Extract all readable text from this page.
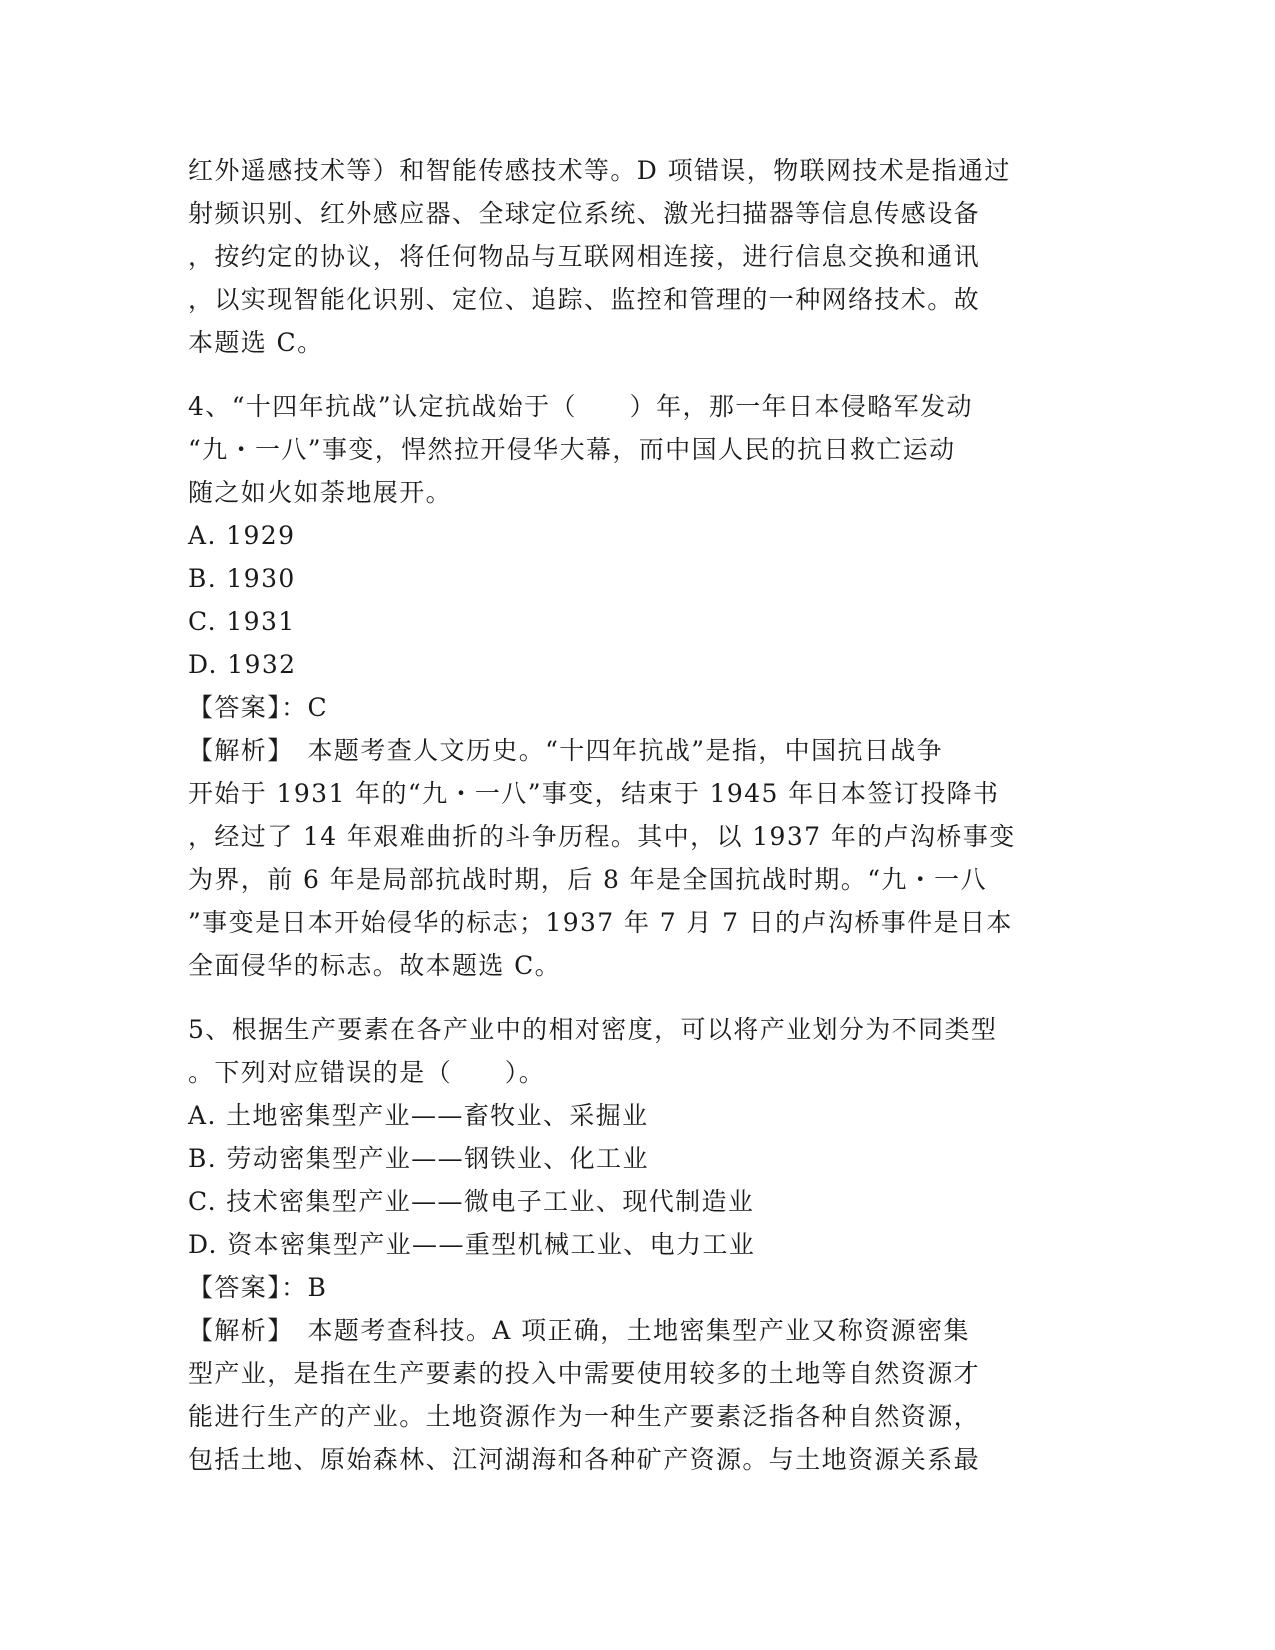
红外遥感技术等）和智能传感技术等。D 项错误，物联网技术是指通过
射频识别、红外感应器、全球定位系统、激光扫描器等信息传感设备
，按约定的协议，将任何物品与互联网相连接，进行信息交换和通讯
，以实现智能化识别、定位、追踪、监控和管理的一种网络技术。故
本题选 C。
4、“十四年抗战”认定抗战始于（　　）年，那一年日本侵略军发动
“九・一八”事变，悍然拉开侵华大幕，而中国人民的抗日救亡运动
随之如火如荼地展开。
A. 1929
B. 1930
C. 1931
D. 1932
【答案】：C
【解析】　本题考查人文历史。“十四年抗战”是指，中国抗日战争
开始于 1931 年的“九・一八”事变，结束于 1945 年日本签订投降书
，经过了 14 年艰难曲折的斗争历程。其中，以 1937 年的卢沟桥事变
为界，前 6 年是局部抗战时期，后 8 年是全国抗战时期。“九・一八
”事变是日本开始侵华的标志；1937 年 7 月 7 日的卢沟桥事件是日本
全面侵华的标志。故本题选 C。
5、根据生产要素在各产业中的相对密度，可以将产业划分为不同类型
。下列对应错误的是（　　）。
A. 土地密集型产业——畜牧业、采掘业
B. 劳动密集型产业——钢铁业、化工业
C. 技术密集型产业——微电子工业、现代制造业
D. 资本密集型产业——重型机械工业、电力工业
【答案】：B
【解析】　本题考查科技。A 项正确，土地密集型产业又称资源密集
型产业，是指在生产要素的投入中需要使用较多的土地等自然资源才
能进行生产的产业。土地资源作为一种生产要素泛指各种自然资源，
包括土地、原始森林、江河湖海和各种矿产资源。与土地资源关系最
